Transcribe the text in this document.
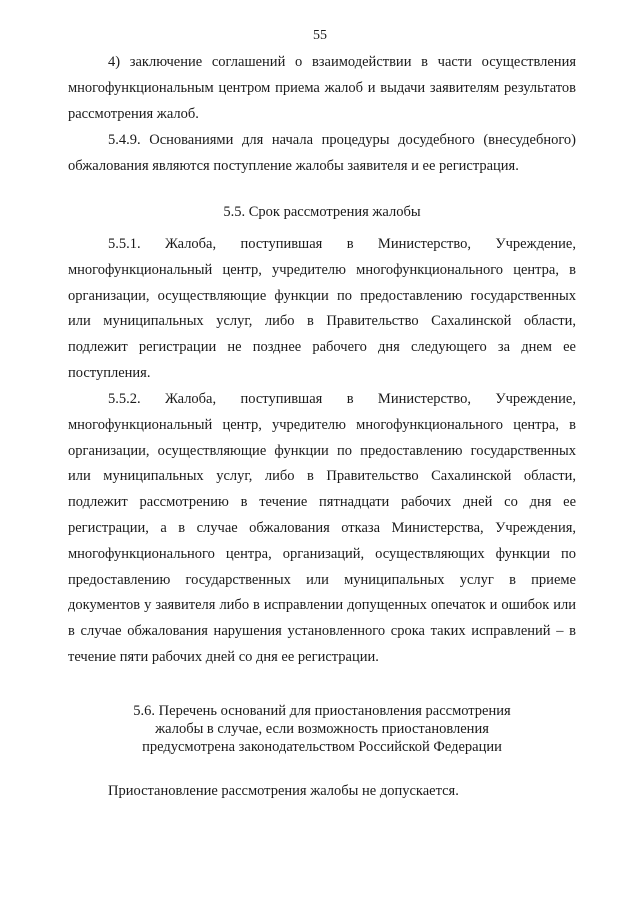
55

4) заключение соглашений о взаимодействии в части осуществления многофункциональным центром приема жалоб и выдачи заявителям результатов рассмотрения жалоб.

5.4.9. Основаниями для начала процедуры досудебного (внесудебного) обжалования являются поступление жалобы заявителя и ее регистрация.

5.5. Срок рассмотрения жалобы

5.5.1. Жалоба, поступившая в Министерство, Учреждение, многофункциональный центр, учредителю многофункционального центра, в организации, осуществляющие функции по предоставлению государственных или муниципальных услуг, либо в Правительство Сахалинской области, подлежит регистрации не позднее рабочего дня следующего за днем ее поступления.

5.5.2. Жалоба, поступившая в Министерство, Учреждение, многофункциональный центр, учредителю многофункционального центра, в организации, осуществляющие функции по предоставлению государственных или муниципальных услуг, либо в Правительство Сахалинской области, подлежит рассмотрению в течение пятнадцати рабочих дней со дня ее регистрации, а в случае обжалования отказа Министерства, Учреждения, многофункционального центра, организаций, осуществляющих функции по предоставлению государственных или муниципальных услуг в приеме документов у заявителя либо в исправлении допущенных опечаток и ошибок или в случае обжалования нарушения установленного срока таких исправлений – в течение пяти рабочих дней со дня ее регистрации.

5.6. Перечень оснований для приостановления рассмотрения

жалобы в случае, если возможность приостановления

предусмотрена законодательством Российской Федерации

Приостановление рассмотрения жалобы не допускается.
